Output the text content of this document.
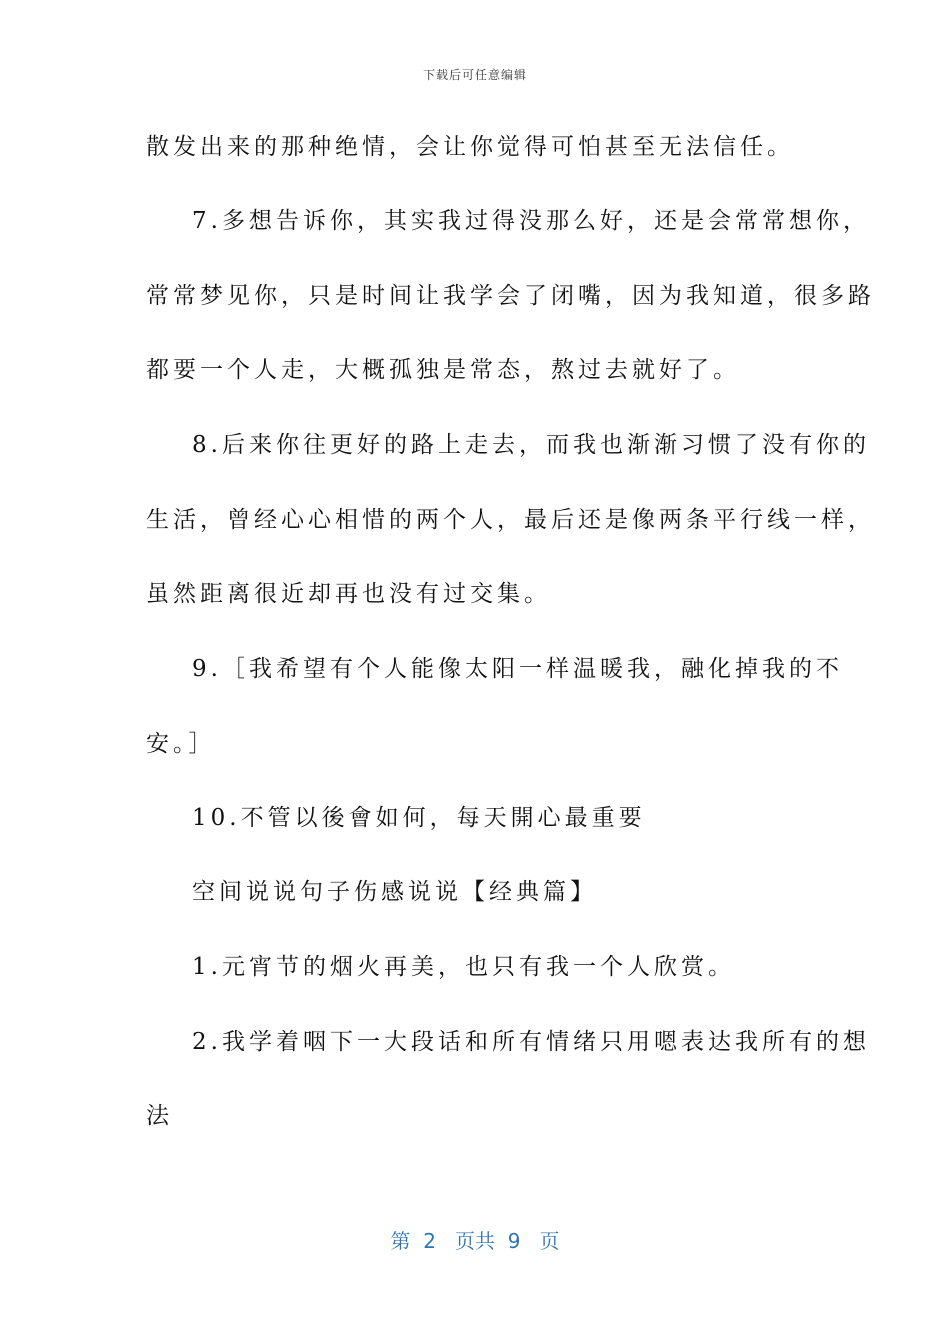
下载后可任意编辑
散发出来的那种绝情，会让你觉得可怕甚至无法信任。
7.多想告诉你，其实我过得没那么好，还是会常常想你，
常常梦见你，只是时间让我学会了闭嘴，因为我知道，很多路
都要一个人走，大概孤独是常态，熬过去就好了。
8.后来你往更好的路上走去，而我也渐渐习惯了没有你的
生活，曾经心心相惜的两个人，最后还是像两条平行线一样，
虽然距离很近却再也没有过交集。
9.［我希望有个人能像太阳一样温暖我，融化掉我的不
安。］
10.不管以後會如何，每天開心最重要
空间说说句子伤感说说【经典篇】
1.元宵节的烟火再美，也只有我一个人欣赏。
2.我学着咽下一大段话和所有情绪只用嗯表达我所有的想
法
第  2   页共  9   页
